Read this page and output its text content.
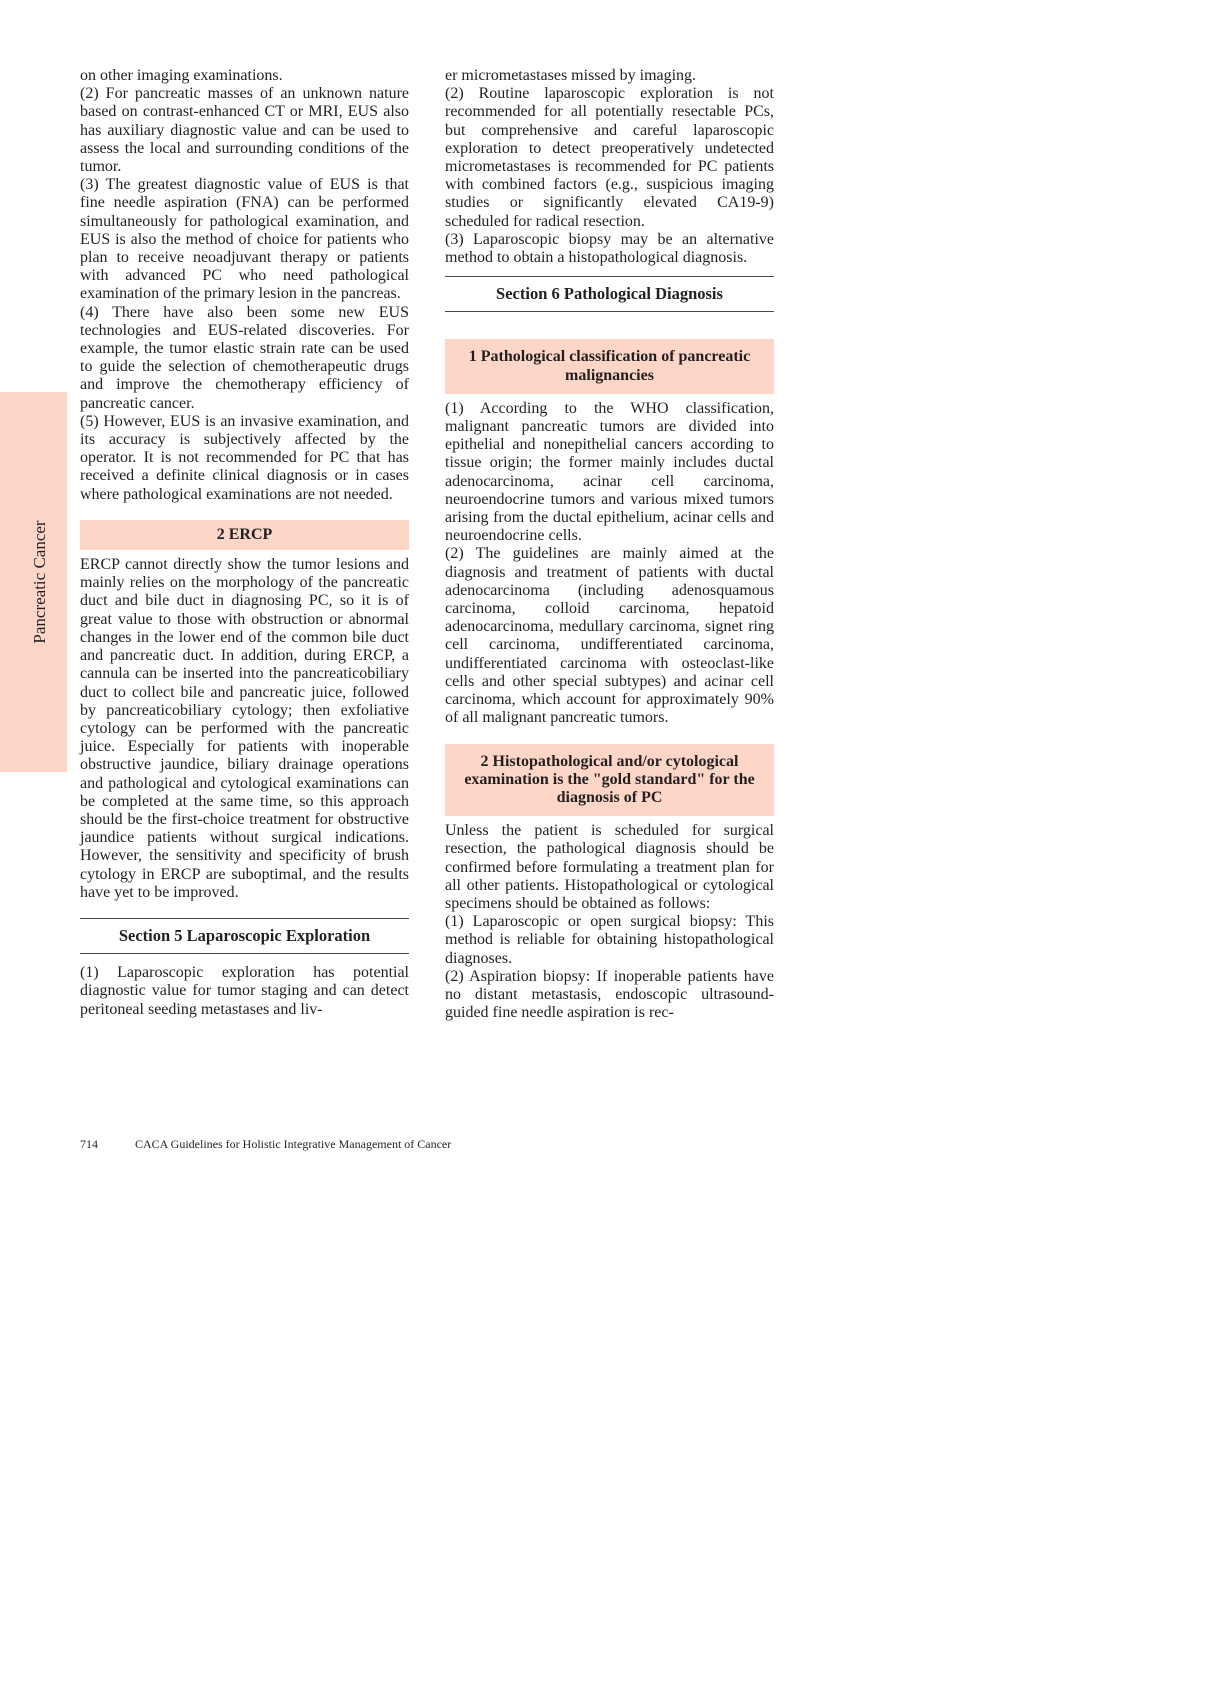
Pancreatic Cancer

on other imaging examinations.

(2) For pancreatic masses of an unknown nature based on contrast-enhanced CT or MRI, EUS also has auxiliary diagnostic value and can be used to assess the local and surrounding conditions of the tumor.

(3) The greatest diagnostic value of EUS is that fine needle aspiration (FNA) can be performed simultaneously for pathological examination, and EUS is also the method of choice for patients who plan to receive neoadjuvant therapy or patients with advanced PC who need pathological examination of the primary lesion in the pancreas.

(4) There have also been some new EUS technologies and EUS-related discoveries. For example, the tumor elastic strain rate can be used to guide the selection of chemotherapeutic drugs and improve the chemotherapy efficiency of pancreatic cancer.

(5) However, EUS is an invasive examination, and its accuracy is subjectively affected by the operator. It is not recommended for PC that has received a definite clinical diagnosis or in cases where pathological examinations are not needed.

2 ERCP

ERCP cannot directly show the tumor lesions and mainly relies on the morphology of the pancreatic duct and bile duct in diagnosing PC, so it is of great value to those with obstruction or abnormal changes in the lower end of the common bile duct and pancreatic duct. In addition, during ERCP, a cannula can be inserted into the pancreaticobiliary duct to collect bile and pancreatic juice, followed by pancreaticobiliary cytology; then exfoliative cytology can be performed with the pancreatic juice. Especially for patients with inoperable obstructive jaundice, biliary drainage operations and pathological and cytological examinations can be completed at the same time, so this approach should be the first-choice treatment for obstructive jaundice patients without surgical indications. However, the sensitivity and specificity of brush cytology in ERCP are suboptimal, and the results have yet to be improved.

Section 5 Laparoscopic Exploration

(1) Laparoscopic exploration has potential diagnostic value for tumor staging and can detect peritoneal seeding metastases and liv-

er micrometastases missed by imaging.

(2) Routine laparoscopic exploration is not recommended for all potentially resectable PCs, but comprehensive and careful laparoscopic exploration to detect preoperatively undetected micrometastases is recommended for PC patients with combined factors (e.g., suspicious imaging studies or significantly elevated CA19-9) scheduled for radical resection.

(3) Laparoscopic biopsy may be an alternative method to obtain a histopathological diagnosis.

Section 6 Pathological Diagnosis
1 Pathological classification of pancreatic malignancies

(1) According to the WHO classification, malignant pancreatic tumors are divided into epithelial and nonepithelial cancers according to tissue origin; the former mainly includes ductal adenocarcinoma, acinar cell carcinoma, neuroendocrine tumors and various mixed tumors arising from the ductal epithelium, acinar cells and neuroendocrine cells.

(2) The guidelines are mainly aimed at the diagnosis and treatment of patients with ductal adenocarcinoma (including adenosquamous carcinoma, colloid carcinoma, hepatoid adenocarcinoma, medullary carcinoma, signet ring cell carcinoma, undifferentiated carcinoma, undifferentiated carcinoma with osteoclast-like cells and other special subtypes) and acinar cell carcinoma, which account for approximately 90% of all malignant pancreatic tumors.

2 Histopathological and/or cytological examination is the "gold standard" for the diagnosis of PC

Unless the patient is scheduled for surgical resection, the pathological diagnosis should be confirmed before formulating a treatment plan for all other patients. Histopathological or cytological specimens should be obtained as follows:

(1) Laparoscopic or open surgical biopsy: This method is reliable for obtaining histopathological diagnoses.

(2) Aspiration biopsy: If inoperable patients have no distant metastasis, endoscopic ultrasound-guided fine needle aspiration is rec-

714	CACA Guidelines for Holistic Integrative Management of Cancer
